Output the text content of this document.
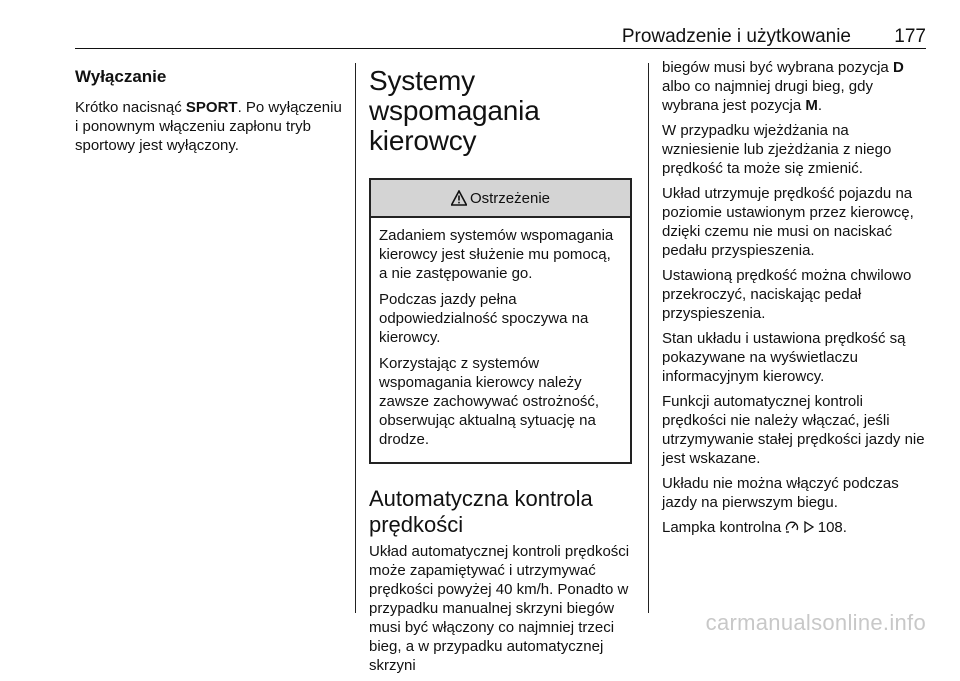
Prowadzenie i użytkowanie 177
Wyłączanie

Krótko nacisnąć SPORT. Po wyłączeniu i ponownym włączeniu zapłonu tryb sportowy jest wyłączony.

Systemy wspomagania kierowcy
Ostrzeżenie

Zadaniem systemów wspomagania kierowcy jest służenie mu pomocą, a nie zastępowanie go.

Podczas jazdy pełna odpowiedzialność spoczywa na kierowcy.

Korzystając z systemów wspomagania kierowcy należy zawsze zachowywać ostrożność, obserwując aktualną sytuację na drodze.

Automatyczna kontrola prędkości

Układ automatycznej kontroli prędkości może zapamiętywać i utrzymywać prędkości powyżej 40 km/h. Ponadto w przypadku manualnej skrzyni biegów musi być włączony co najmniej trzeci bieg, a w przypadku automatycznej skrzyni

biegów musi być wybrana pozycja D albo co najmniej drugi bieg, gdy wybrana jest pozycja M.

W przypadku wjeżdżania na wzniesienie lub zjeżdżania z niego prędkość ta może się zmienić.

Układ utrzymuje prędkość pojazdu na poziomie ustawionym przez kierowcę, dzięki czemu nie musi on naciskać pedału przyspieszenia.

Ustawioną prędkość można chwilowo przekroczyć, naciskając pedał przyspieszenia.

Stan układu i ustawiona prędkość są pokazywane na wyświetlaczu informacyjnym kierowcy.

Funkcji automatycznej kontroli prędkości nie należy włączać, jeśli utrzymywanie stałej prędkości jazdy nie jest wskazane.

Układu nie można włączyć podczas jazdy na pierwszym biegu.

Lampka kontrolna   108.

carmanualsonline.info
